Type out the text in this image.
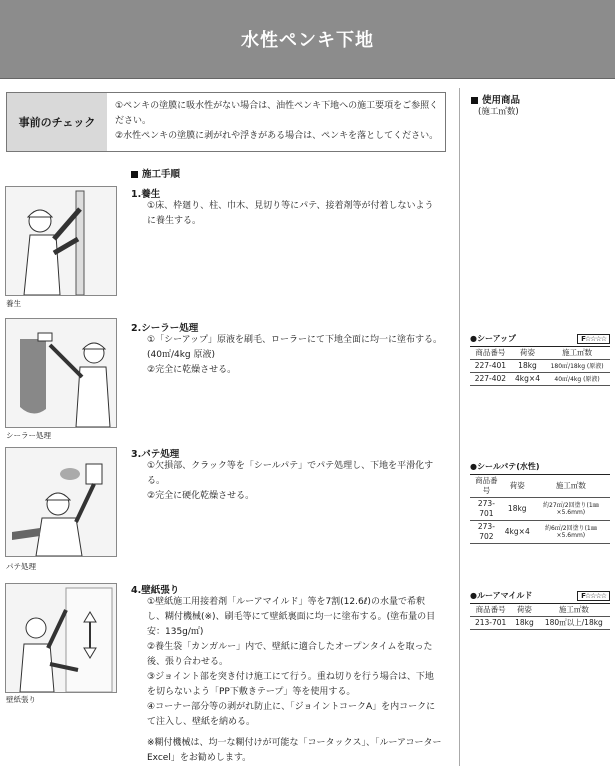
水性ペンキ下地
事前のチェック

①ペンキの塗膜に吸水性がない場合は、油性ペンキ下地への施工要項をご参照ください。

②水性ペンキの塗膜に剥がれや浮きがある場合は、ペンキを落としてください。

施工手順
養生
1.養生

①床、枠廻り、柱、巾木、見切り等にパテ、接着剤等が付着しないように養生する。

シーラー処理
2.シーラー処理

①「シーアップ」原液を刷毛、ローラーにて下地全面に均一に塗布する。(40㎡/4kg 原液)

②完全に乾燥させる。

パテ処理
3.パテ処理

①欠損部、クラック等を「シールパテ」でパテ処理し、下地を平滑化する。

②完全に硬化乾燥させる。

壁紙張り
4.壁紙張り

①壁紙施工用接着剤「ルーアマイルド」等を7割(12.6ℓ)の水量で希釈し、糊付機械(※)、刷毛等にて壁紙裏面に均一に塗布する。(塗布量の目安：135g/㎡)

②養生袋「カンガルー」内で、壁紙に適合したオープンタイムを取った後、張り合わせる。

③ジョイント部を突き付け施工にて行う。重ね切りを行う場合は、下地を切らないよう「PP下敷きテープ」等を使用する。

④コーナー部分等の剥がれ防止に、「ジョイントコークA」を内コークにて注入し、壁紙を納める。

※糊付機械は、均一な糊付けが可能な「コータックス」、「ルーアコーターExcel」をお勧めします。
使用商品
(施工㎡数)
●シーアップ	F☆☆☆☆
商品番号	荷姿	施工㎡数
227-401	18kg	180㎡/18kg (原液)
227-402	4kg×4	40㎡/4kg (原液)
●シールパテ(水性)
商品番号	荷姿	施工㎡数
273-701	18kg	約27㎡/2回塗り(1㎜×5.6mm)
273-702	4kg×4	約6㎡/2回塗り(1㎜×5.6mm)
●ルーアマイルド	F☆☆☆☆
商品番号	荷姿	施工㎡数
213-701	18kg	180㎡以上/18kg
